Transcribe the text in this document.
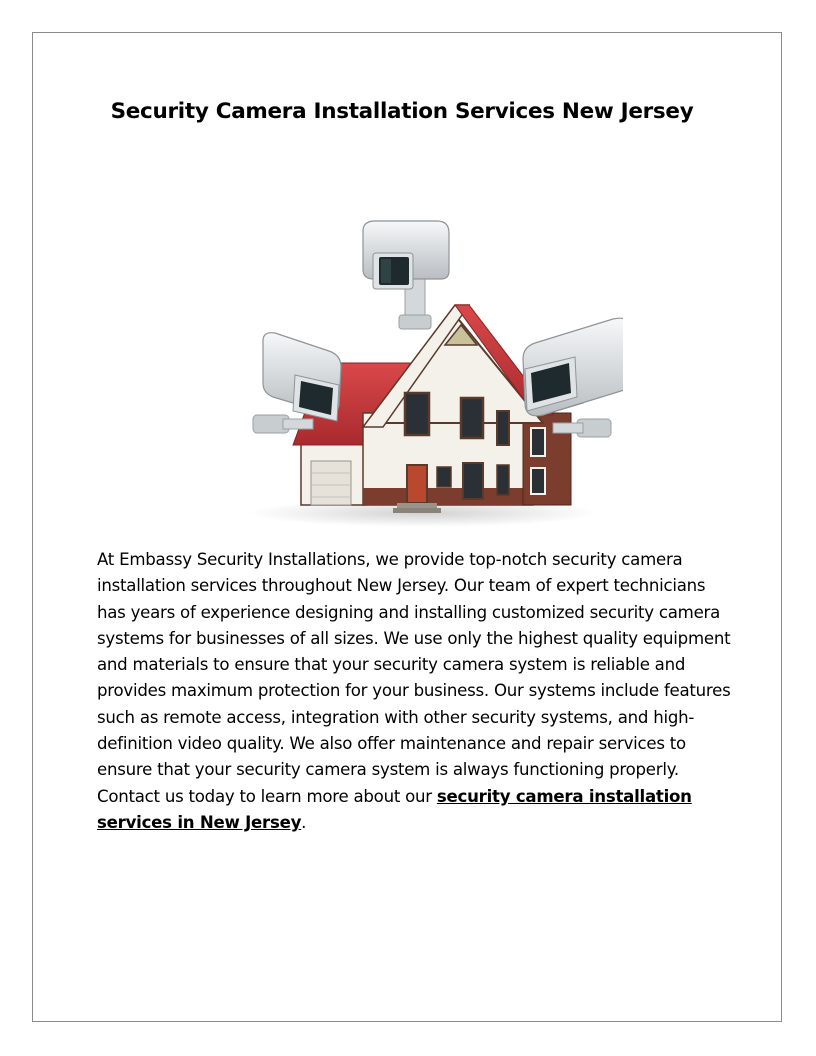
Security Camera Installation Services New Jersey
At Embassy Security Installations, we provide top-notch security camera installation services throughout New Jersey. Our team of expert technicians has years of experience designing and installing customized security camera systems for businesses of all sizes. We use only the highest quality equipment and materials to ensure that your security camera system is reliable and provides maximum protection for your business. Our systems include features such as remote access, integration with other security systems, and high-definition video quality. We also offer maintenance and repair services to ensure that your security camera system is always functioning properly. Contact us today to learn more about our security camera installation services in New Jersey.
